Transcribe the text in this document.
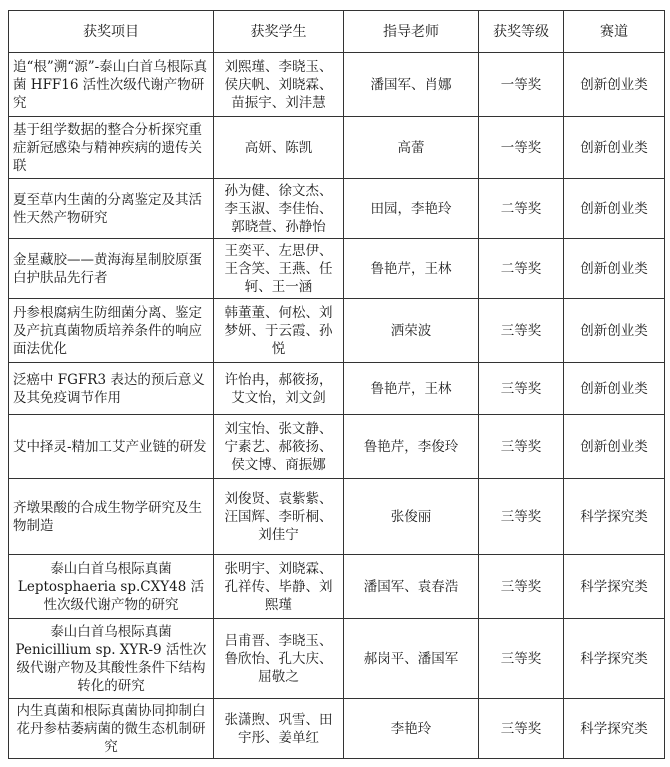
获奖项目	获奖学生	指导老师	获奖等级	赛道
追“根”溯“源”-泰山白首乌根际真菌 HFF16 活性次级代谢产物研究	刘熙瑾、李晓玉、侯庆帆、刘晓霖、苗振宇、刘沣慧	潘国军、肖娜	一等奖	创新创业类
基于组学数据的整合分析探究重症新冠感染与精神疾病的遗传关联	高妍、陈凯	高蕾	一等奖	创新创业类
夏至草内生菌的分离鉴定及其活性天然产物研究	孙为健、徐文杰、李玉淑、李佳怡、郭晓萱、孙静怡	田园，李艳玲	二等奖	创新创业类
金星藏胶——黄海海星制胶原蛋白护肤品先行者	王奕平、左思伊、王含笑、王燕、任轲、王一涵	鲁艳芹，王林	二等奖	创新创业类
丹参根腐病生防细菌分离、鉴定及产抗真菌物质培养条件的响应面法优化	韩董董、何松、刘梦妍、于云霞、孙悦	洒荣波	三等奖	创新创业类
泛癌中 FGFR3 表达的预后意义及其免疫调节作用	许怡冉，郝筱扬，艾文怡，刘文剑	鲁艳芹，王林	三等奖	创新创业类
艾中择灵-精加工艾产业链的研发	刘宝怡、张文静、宁素艺、郝筱扬、侯文博、商振娜	鲁艳芹，李俊玲	三等奖	创新创业类
齐墩果酸的合成生物学研究及生物制造	刘俊贤、袁紫紫、汪国辉、李昕桐、刘佳宁	张俊丽	三等奖	科学探究类
泰山白首乌根际真菌 Leptosphaeria sp.CXY48 活性次级代谢产物的研究	张明宇、刘晓霖、孔祥传、毕静、刘熙瑾	潘国军、袁春浩	三等奖	科学探究类
泰山白首乌根际真菌 Penicillium sp. XYR-9 活性次级代谢产物及其酸性条件下结构转化的研究	吕甫晋、李晓玉、鲁欣怡、孔大庆、屈敬之	郝岗平、潘国军	三等奖	科学探究类
内生真菌和根际真菌协同抑制白花丹参枯萎病菌的微生态机制研究	张潇煦、巩雪、田宇彤、姜单红	李艳玲	三等奖	科学探究类
